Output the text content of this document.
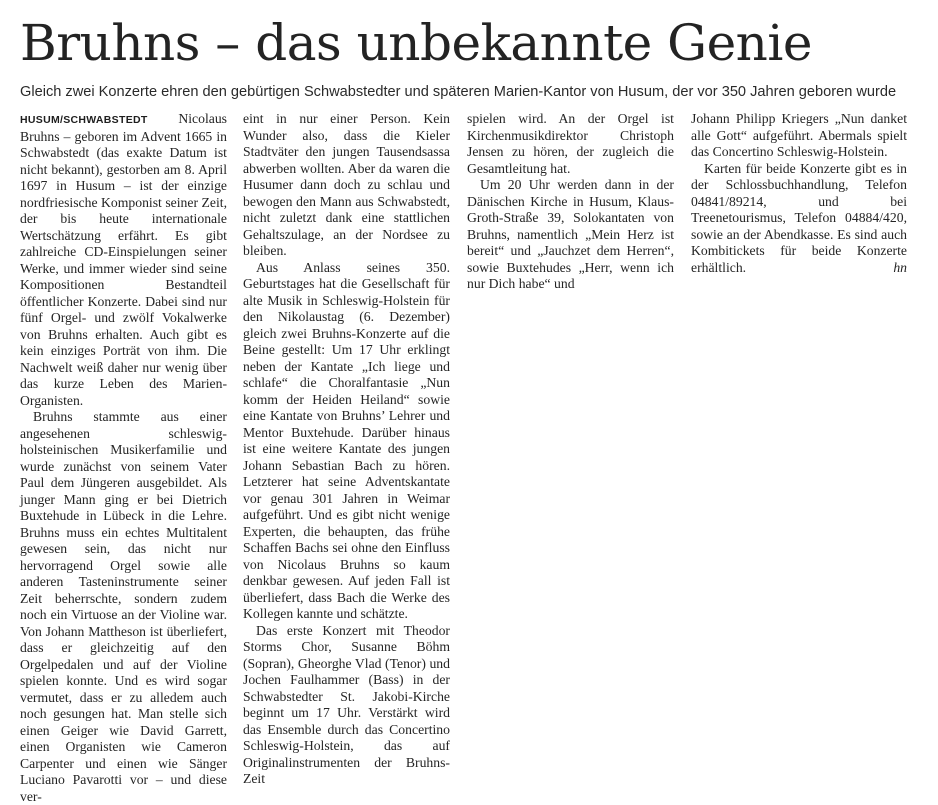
Bruhns – das unbekannte Genie
Gleich zwei Konzerte ehren den gebürtigen Schwabstedter und späteren Marien-Kantor von Husum, der vor 350 Jahren geboren wurde

HUSUM/SCHWABSTEDT Nicolaus Bruhns – geboren im Advent 1665 in Schwabstedt (das exakte Datum ist nicht bekannt), gestorben am 8. April 1697 in Husum – ist der einzige nordfriesische Komponist seiner Zeit, der bis heute internationale Wertschätzung erfährt. Es gibt zahlreiche CD-Einspielungen seiner Werke, und immer wieder sind seine Kompositionen Bestandteil öffentlicher Konzerte. Dabei sind nur fünf Orgel- und zwölf Vokalwerke von Bruhns erhalten. Auch gibt es kein einziges Porträt von ihm. Die Nachwelt weiß daher nur wenig über das kurze Leben des Marien-Organisten.

Bruhns stammte aus einer angesehenen schleswig-holsteinischen Musikerfamilie und wurde zunächst von seinem Vater Paul dem Jüngeren ausgebildet. Als junger Mann ging er bei Dietrich Buxtehude in Lübeck in die Lehre. Bruhns muss ein echtes Multitalent gewesen sein, das nicht nur hervorragend Orgel sowie alle anderen Tasteninstrumente seiner Zeit beherrschte, sondern zudem noch ein Virtuose an der Violine war. Von Johann Mattheson ist überliefert, dass er gleichzeitig auf den Orgelpedalen und auf der Violine spielen konnte. Und es wird sogar vermutet, dass er zu alledem auch noch gesungen hat. Man stelle sich einen Geiger wie David Garrett, einen Organisten wie Cameron Carpenter und einen wie Sänger Luciano Pavarotti vor – und diese ver-

eint in nur einer Person. Kein Wunder also, dass die Kieler Stadtväter den jungen Tausendsassa abwerben wollten. Aber da waren die Husumer dann doch zu schlau und bewogen den Mann aus Schwabstedt, nicht zuletzt dank eine stattlichen Gehaltszulage, an der Nordsee zu bleiben.

Aus Anlass seines 350. Geburtstages hat die Gesellschaft für alte Musik in Schleswig-Holstein für den Nikolaustag (6. Dezember) gleich zwei Bruhns-Konzerte auf die Beine gestellt: Um 17 Uhr erklingt neben der Kantate „Ich liege und schlafe“ die Choralfantasie „Nun komm der Heiden Heiland“ sowie eine Kantate von Bruhns’ Lehrer und Mentor Buxtehude. Darüber hinaus ist eine weitere Kantate des jungen Johann Sebastian Bach zu hören. Letzterer hat seine Adventskantate vor genau 301 Jahren in Weimar aufgeführt. Und es gibt nicht wenige Experten, die behaupten, das frühe Schaffen Bachs sei ohne den Einfluss von Nicolaus Bruhns so kaum denkbar gewesen. Auf jeden Fall ist überliefert, dass Bach die Werke des Kollegen kannte und schätzte.

Das erste Konzert mit Theodor Storms Chor, Susanne Böhm (Sopran), Gheorghe Vlad (Tenor) und Jochen Faulhammer (Bass) in der Schwabstedter St. Jakobi-Kirche beginnt um 17 Uhr. Verstärkt wird das Ensemble durch das Concertino Schleswig-Holstein, das auf Originalinstrumenten der Bruhns-Zeit

spielen wird. An der Orgel ist Kirchenmusikdirektor Christoph Jensen zu hören, der zugleich die Gesamtleitung hat.

Um 20 Uhr werden dann in der Dänischen Kirche in Husum, Klaus-Groth-Straße 39, Solokantaten von Bruhns, namentlich „Mein Herz ist bereit“ und „Jauchzet dem Herren“, sowie Buxtehudes „Herr, wenn ich nur Dich habe“ und

Johann Philipp Kriegers „Nun danket alle Gott“ aufgeführt. Abermals spielt das Concertino Schleswig-Holstein.

Karten für beide Konzerte gibt es in der Schlossbuchhandlung, Telefon 04841/89214, und bei Treenetourismus, Telefon 04884/420, sowie an der Abendkasse. Es sind auch Kombitickets für beide Konzerte erhältlich.	hn
